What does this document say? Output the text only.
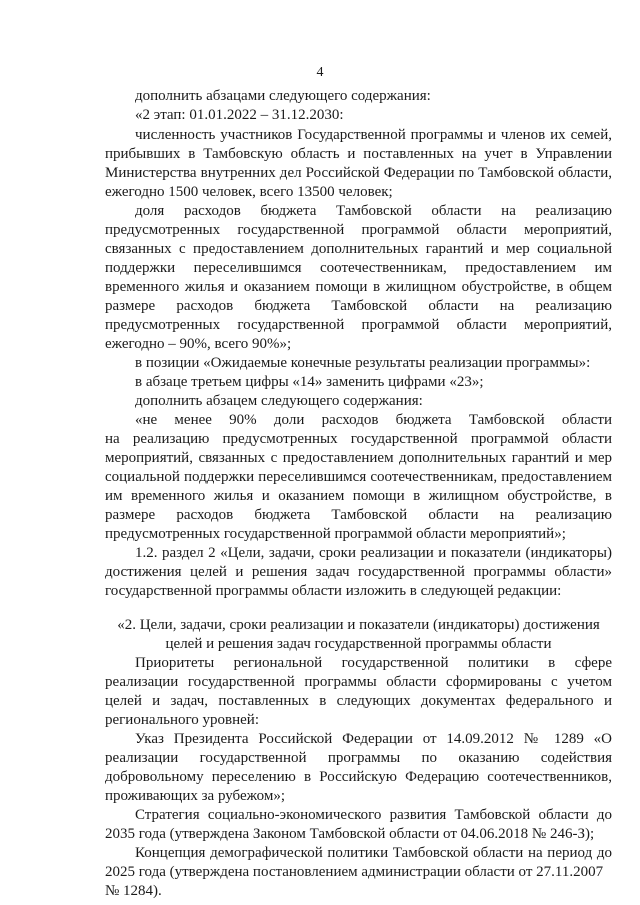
4
дополнить абзацами следующего содержания:
«2 этап: 01.01.2022 – 31.12.2030:
численность участников Государственной программы и членов их семей,
прибывших в Тамбовскую область и поставленных на учет в Управлении
Министерства внутренних дел Российской Федерации по Тамбовской области,
ежегодно 1500 человек, всего 13500 человек;
доля расходов бюджета Тамбовской области на реализацию
предусмотренных государственной программой области мероприятий,
связанных с предоставлением дополнительных гарантий и мер социальной
поддержки переселившимся соотечественникам, предоставлением им
временного жилья и оказанием помощи в жилищном обустройстве, в общем
размере расходов бюджета Тамбовской области на реализацию
предусмотренных государственной программой области мероприятий,
ежегодно – 90%, всего 90%»;
в позиции «Ожидаемые конечные результаты реализации программы»:
в абзаце третьем цифры «14» заменить цифрами «23»;
дополнить абзацем следующего содержания:
«не менее 90% доли расходов бюджета Тамбовской области
на реализацию предусмотренных государственной программой области
мероприятий, связанных с предоставлением дополнительных гарантий и мер
социальной поддержки переселившимся соотечественникам, предоставлением
им временного жилья и оказанием помощи в жилищном обустройстве, в
размере расходов бюджета Тамбовской области на реализацию
предусмотренных государственной программой области мероприятий»;
1.2. раздел 2 «Цели, задачи, сроки реализации и показатели (индикаторы)
достижения целей и решения задач государственной программы области»
государственной программы области изложить в следующей редакции:
«2. Цели, задачи, сроки реализации и показатели (индикаторы) достижения
целей и решения задач государственной программы области
Приоритеты региональной государственной политики в сфере
реализации государственной программы области сформированы с учетом
целей и задач, поставленных в следующих документах федерального и
регионального уровней:
Указ Президента Российской Федерации от 14.09.2012 № 1289 «О
реализации государственной программы по оказанию содействия
добровольному переселению в Российскую Федерацию соотечественников,
проживающих за рубежом»;
Стратегия социально-экономического развития Тамбовской области до
2035 года (утверждена Законом Тамбовской области от 04.06.2018 № 246-З);
Концепция демографической политики Тамбовской области на период до
2025 года (утверждена постановлением администрации области от 27.11.2007
№ 1284).
